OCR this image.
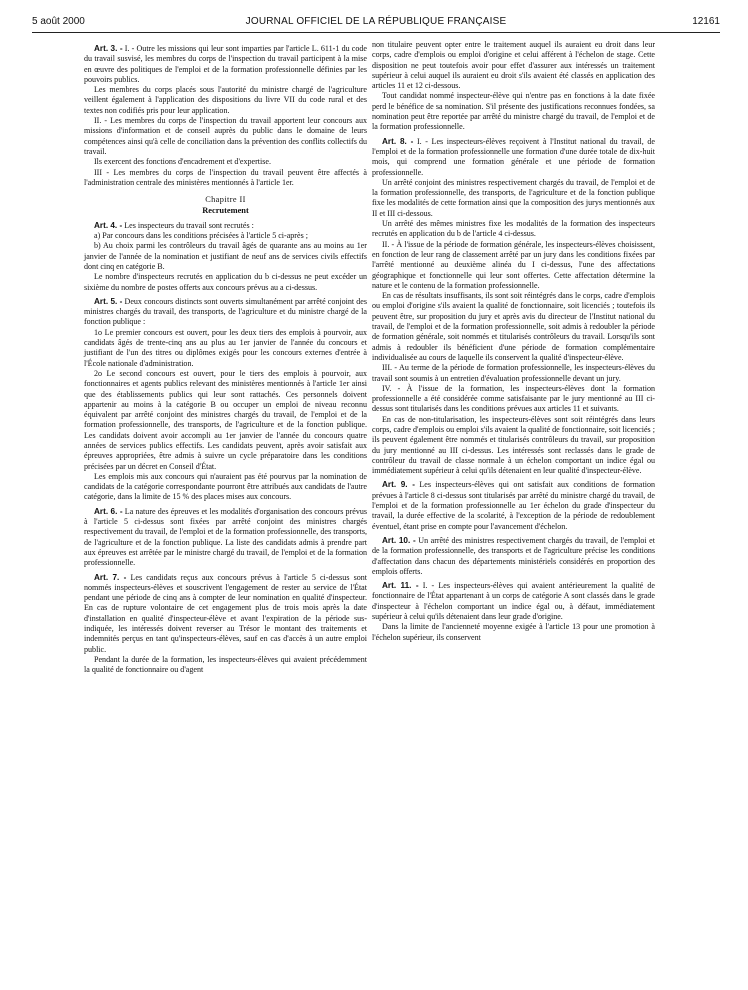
5 août 2000	JOURNAL OFFICIEL DE LA RÉPUBLIQUE FRANÇAISE	12161

Art. 3. - I. - Outre les missions qui leur sont imparties par l'article L. 611-1 du code du travail susvisé, les membres du corps de l'inspection du travail participent à la mise en œuvre des politiques de l'emploi et de la formation professionnelle définies par les pouvoirs publics.

Les membres du corps placés sous l'autorité du ministre chargé de l'agriculture veillent également à l'application des dispositions du livre VII du code rural et des textes non codifiés pris pour leur application.

II. - Les membres du corps de l'inspection du travail apportent leur concours aux missions d'information et de conseil auprès du public dans le domaine de leurs compétences ainsi qu'à celle de conciliation dans la prévention des conflits collectifs du travail.

Ils exercent des fonctions d'encadrement et d'expertise.

III - Les membres du corps de l'inspection du travail peuvent être affectés à l'administration centrale des ministères mentionnés à l'article 1er.

Chapitre II

Recrutement

Art. 4. - Les inspecteurs du travail sont recrutés :

a) Par concours dans les conditions précisées à l'article 5 ci-après ;

b) Au choix parmi les contrôleurs du travail âgés de quarante ans au moins au 1er janvier de l'année de la nomination et justifiant de neuf ans de services civils effectifs dont cinq en catégorie B.

Le nombre d'inspecteurs recrutés en application du b ci-dessus ne peut excéder un sixième du nombre de postes offerts aux concours prévus au a ci-dessus.

Art. 5. - Deux concours distincts sont ouverts simultanément par arrêté conjoint des ministres chargés du travail, des transports, de l'agriculture et du ministre chargé de la fonction publique :

1o Le premier concours est ouvert, pour les deux tiers des emplois à pourvoir, aux candidats âgés de trente-cinq ans au plus au 1er janvier de l'année du concours et justifiant de l'un des titres ou diplômes exigés pour les concours externes d'entrée à l'École nationale d'administration.

2o Le second concours est ouvert, pour le tiers des emplois à pourvoir, aux fonctionnaires et agents publics relevant des ministères mentionnés à l'article 1er ainsi que des établissements publics qui leur sont rattachés. Ces personnels doivent appartenir au moins à la catégorie B ou occuper un emploi de niveau reconnu équivalent par arrêté conjoint des ministres chargés du travail, de l'emploi et de la formation professionnelle, des transports, de l'agriculture et de la fonction publique. Les candidats doivent avoir accompli au 1er janvier de l'année du concours quatre années de services publics effectifs. Les candidats peuvent, après avoir satisfait aux épreuves appropriées, être admis à suivre un cycle préparatoire dans les conditions précisées par un décret en Conseil d'État.

Les emplois mis aux concours qui n'auraient pas été pourvus par la nomination de candidats de la catégorie correspondante pourront être attribués aux candidats de l'autre catégorie, dans la limite de 15 % des places mises aux concours.

Art. 6. - La nature des épreuves et les modalités d'organisation des concours prévus à l'article 5 ci-dessus sont fixées par arrêté conjoint des ministres chargés respectivement du travail, de l'emploi et de la formation professionnelle, des transports, de l'agriculture et de la fonction publique. La liste des candidats admis à prendre part aux épreuves est arrêtée par le ministre chargé du travail, de l'emploi et de la formation professionnelle.

Art. 7. - Les candidats reçus aux concours prévus à l'article 5 ci-dessus sont nommés inspecteurs-élèves et souscrivent l'engagement de rester au service de l'État pendant une période de cinq ans à compter de leur nomination en qualité d'inspecteur. En cas de rupture volontaire de cet engagement plus de trois mois après la date d'installation en qualité d'inspecteur-élève et avant l'expiration de la période sus-indiquée, les intéressés doivent reverser au Trésor le montant des traitements et indemnités perçus en tant qu'inspecteurs-élèves, sauf en cas d'accès à un autre emploi public.

Pendant la durée de la formation, les inspecteurs-élèves qui avaient précédemment la qualité de fonctionnaire ou d'agent

non titulaire peuvent opter entre le traitement auquel ils auraient eu droit dans leur corps, cadre d'emplois ou emploi d'origine et celui afférent à l'échelon de stage. Cette disposition ne peut toutefois avoir pour effet d'assurer aux intéressés un traitement supérieur à celui auquel ils auraient eu droit s'ils avaient été classés en application des articles 11 et 12 ci-dessous.

Tout candidat nommé inspecteur-élève qui n'entre pas en fonctions à la date fixée perd le bénéfice de sa nomination. S'il présente des justifications reconnues fondées, sa nomination peut être reportée par arrêté du ministre chargé du travail, de l'emploi et de la formation professionnelle.

Art. 8. - I. - Les inspecteurs-élèves reçoivent à l'Institut national du travail, de l'emploi et de la formation professionnelle une formation d'une durée totale de dix-huit mois, qui comprend une formation générale et une période de formation professionnelle.

Un arrêté conjoint des ministres respectivement chargés du travail, de l'emploi et de la formation professionnelle, des transports, de l'agriculture et de la fonction publique fixe les modalités de cette formation ainsi que la composition des jurys mentionnés aux II et III ci-dessous.

Un arrêté des mêmes ministres fixe les modalités de la formation des inspecteurs recrutés en application du b de l'article 4 ci-dessus.

II. - À l'issue de la période de formation générale, les inspecteurs-élèves choisissent, en fonction de leur rang de classement arrêté par un jury dans les conditions fixées par l'arrêté mentionné au deuxième alinéa du I ci-dessus, l'une des affectations géographique et fonctionnelle qui leur sont offertes. Cette affectation détermine la nature et le contenu de la formation professionnelle.

En cas de résultats insuffisants, ils sont soit réintégrés dans le corps, cadre d'emplois ou emploi d'origine s'ils avaient la qualité de fonctionnaire, soit licenciés ; toutefois ils peuvent être, sur proposition du jury et après avis du directeur de l'Institut national du travail, de l'emploi et de la formation professionnelle, soit admis à redoubler la période de formation générale, soit nommés et titularisés contrôleurs du travail. Lorsqu'ils sont admis à redoubler ils bénéficient d'une période de formation complémentaire individualisée au cours de laquelle ils conservent la qualité d'inspecteur-élève.

III. - Au terme de la période de formation professionnelle, les inspecteurs-élèves du travail sont soumis à un entretien d'évaluation professionnelle devant un jury.

IV. - À l'issue de la formation, les inspecteurs-élèves dont la formation professionnelle a été considérée comme satisfaisante par le jury mentionné au III ci-dessus sont titularisés dans les conditions prévues aux articles 11 et suivants.

En cas de non-titularisation, les inspecteurs-élèves sont soit réintégrés dans leurs corps, cadre d'emplois ou emploi s'ils avaient la qualité de fonctionnaire, soit licenciés ; ils peuvent également être nommés et titularisés contrôleurs du travail, sur proposition du jury mentionné au III ci-dessus. Les intéressés sont reclassés dans le grade de contrôleur du travail de classe normale à un échelon comportant un indice égal ou immédiatement supérieur à celui qu'ils détenaient en leur qualité d'inspecteur-élève.

Art. 9. - Les inspecteurs-élèves qui ont satisfait aux conditions de formation prévues à l'article 8 ci-dessus sont titularisés par arrêté du ministre chargé du travail, de l'emploi et de la formation professionnelle au 1er échelon du grade d'inspecteur du travail, la durée effective de la scolarité, à l'exception de la période de redoublement éventuel, étant prise en compte pour l'avancement d'échelon.

Art. 10. - Un arrêté des ministres respectivement chargés du travail, de l'emploi et de la formation professionnelle, des transports et de l'agriculture précise les conditions d'affectation dans chacun des départements ministériels considérés en proportion des emplois offerts.

Art. 11. - I. - Les inspecteurs-élèves qui avaient antérieurement la qualité de fonctionnaire de l'État appartenant à un corps de catégorie A sont classés dans le grade d'inspecteur à l'échelon comportant un indice égal ou, à défaut, immédiatement supérieur à celui qu'ils détenaient dans leur grade d'origine.

Dans la limite de l'ancienneté moyenne exigée à l'article 13 pour une promotion à l'échelon supérieur, ils conservent
